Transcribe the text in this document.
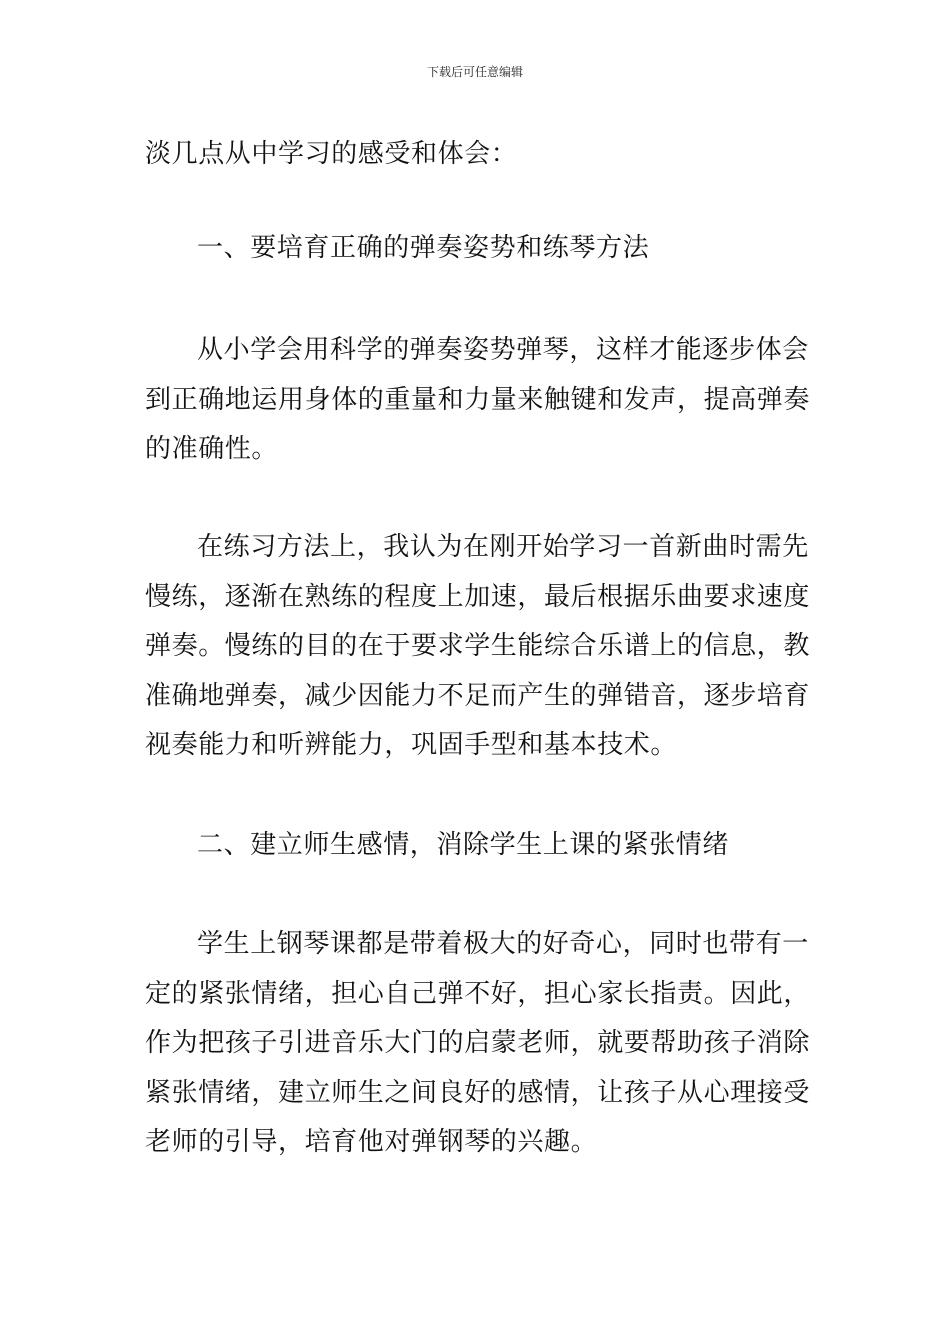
下载后可任意编辑

淡几点从中学习的感受和体会：

一、要培育正确的弹奏姿势和练琴方法

从小学会用科学的弹奏姿势弹琴，这样才能逐步体会
到正确地运用身体的重量和力量来触键和发声，提高弹奏
的准确性。
在练习方法上，我认为在刚开始学习一首新曲时需先
慢练，逐渐在熟练的程度上加速，最后根据乐曲要求速度
弹奏。慢练的目的在于要求学生能综合乐谱上的信息，教
准确地弹奏，减少因能力不足而产生的弹错音，逐步培育
视奏能力和听辨能力，巩固手型和基本技术。

二、建立师生感情，消除学生上课的紧张情绪

学生上钢琴课都是带着极大的好奇心，同时也带有一
定的紧张情绪，担心自己弹不好，担心家长指责。因此，
作为把孩子引进音乐大门的启蒙老师，就要帮助孩子消除
紧张情绪，建立师生之间良好的感情，让孩子从心理接受
老师的引导，培育他对弹钢琴的兴趣。
